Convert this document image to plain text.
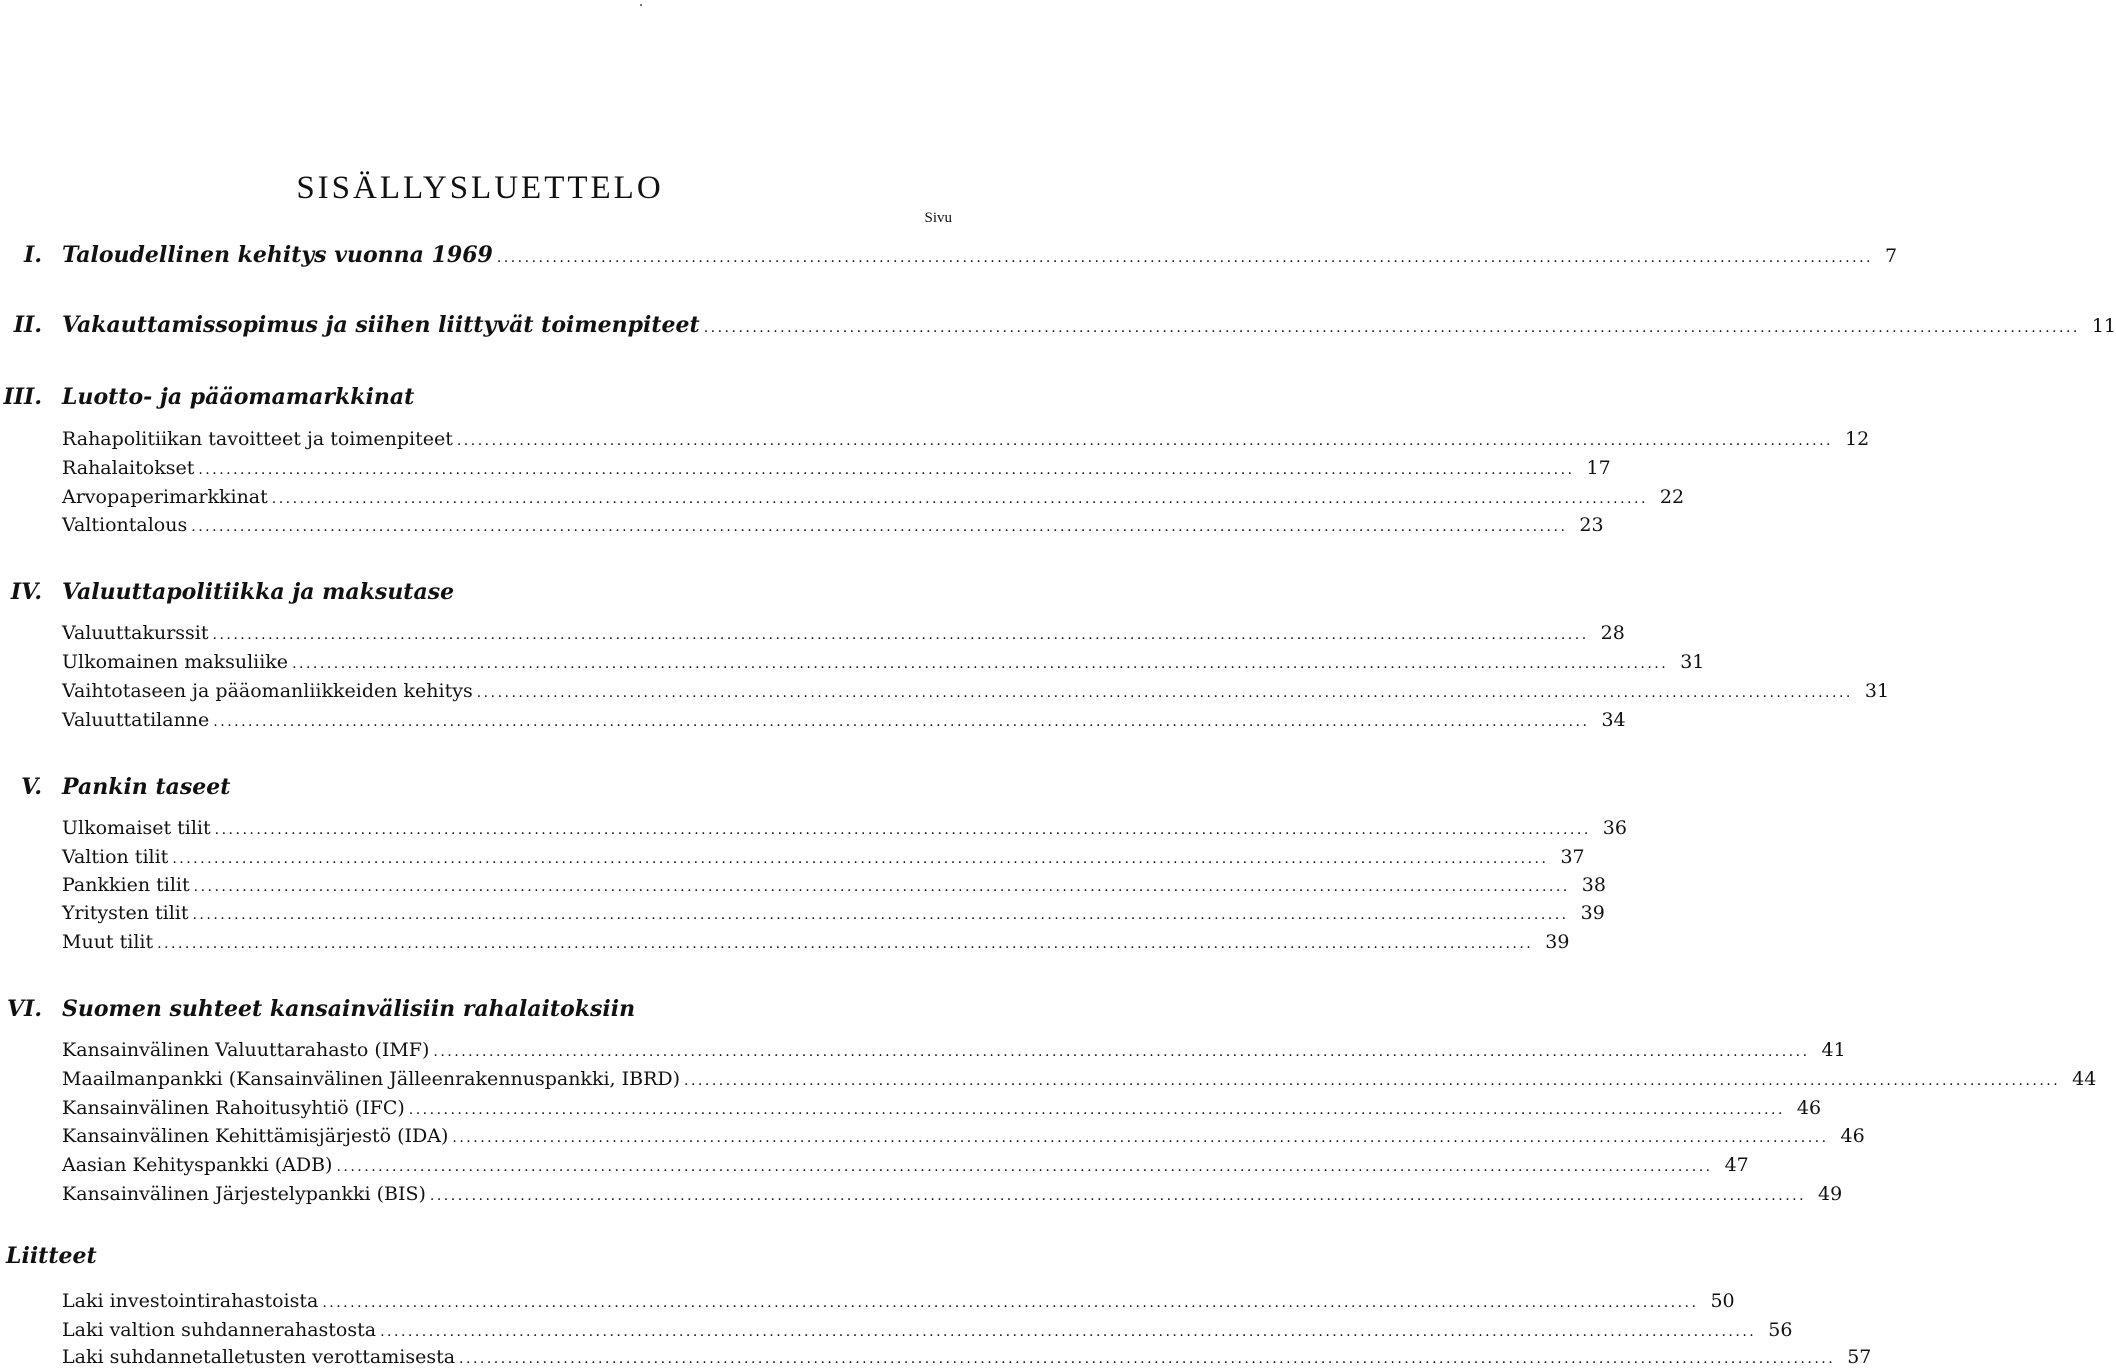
SISÄLLYSLUETTELO
Sivu
Taloudellinen kehitys vuonna 1969 ...................................................................................................................................................................................................... 7
I.
Vakauttamissopimus ja siihen liittyvät toimenpiteet ...................................................................................................................................................................................................... 11
II.
III. Luotto- ja pääomamarkkinat
Rahapolitiikan tavoitteet ja toimenpiteet ...................................................................................................................................................................................................... 12
Rahalaitokset ...................................................................................................................................................................................................... 17
Arvopaperimarkkinat ...................................................................................................................................................................................................... 22
Valtiontalous ...................................................................................................................................................................................................... 23
IV. Valuuttapolitiikka ja maksutase
Valuuttakurssit ...................................................................................................................................................................................................... 28
Ulkomainen maksuliike ...................................................................................................................................................................................................... 31
Vaihtotaseen ja pääomanliikkeiden kehitys ...................................................................................................................................................................................................... 31
Valuuttatilanne ...................................................................................................................................................................................................... 34
V. Pankin taseet
Ulkomaiset tilit ...................................................................................................................................................................................................... 36
Valtion tilit ...................................................................................................................................................................................................... 37
Pankkien tilit ...................................................................................................................................................................................................... 38
Yritysten tilit ...................................................................................................................................................................................................... 39
Muut tilit ...................................................................................................................................................................................................... 39
VI. Suomen suhteet kansainvälisiin rahalaitoksiin
Kansainvälinen Valuuttarahasto (IMF) ...................................................................................................................................................................................................... 41
Maailmanpankki (Kansainvälinen Jälleenrakennuspankki, IBRD) ...................................................................................................................................................................................................... 44
Kansainvälinen Rahoitusyhtiö (IFC) ...................................................................................................................................................................................................... 46
Kansainvälinen Kehittämisjärjestö (IDA) ...................................................................................................................................................................................................... 46
Aasian Kehityspankki (ADB) ...................................................................................................................................................................................................... 47
Kansainvälinen Järjestelypankki (BIS) ...................................................................................................................................................................................................... 49
Liitteet
Laki investointirahastoista ...................................................................................................................................................................................................... 50
Laki valtion suhdannerahastosta ...................................................................................................................................................................................................... 56
Laki suhdannetalletusten verottamisesta ...................................................................................................................................................................................................... 57
